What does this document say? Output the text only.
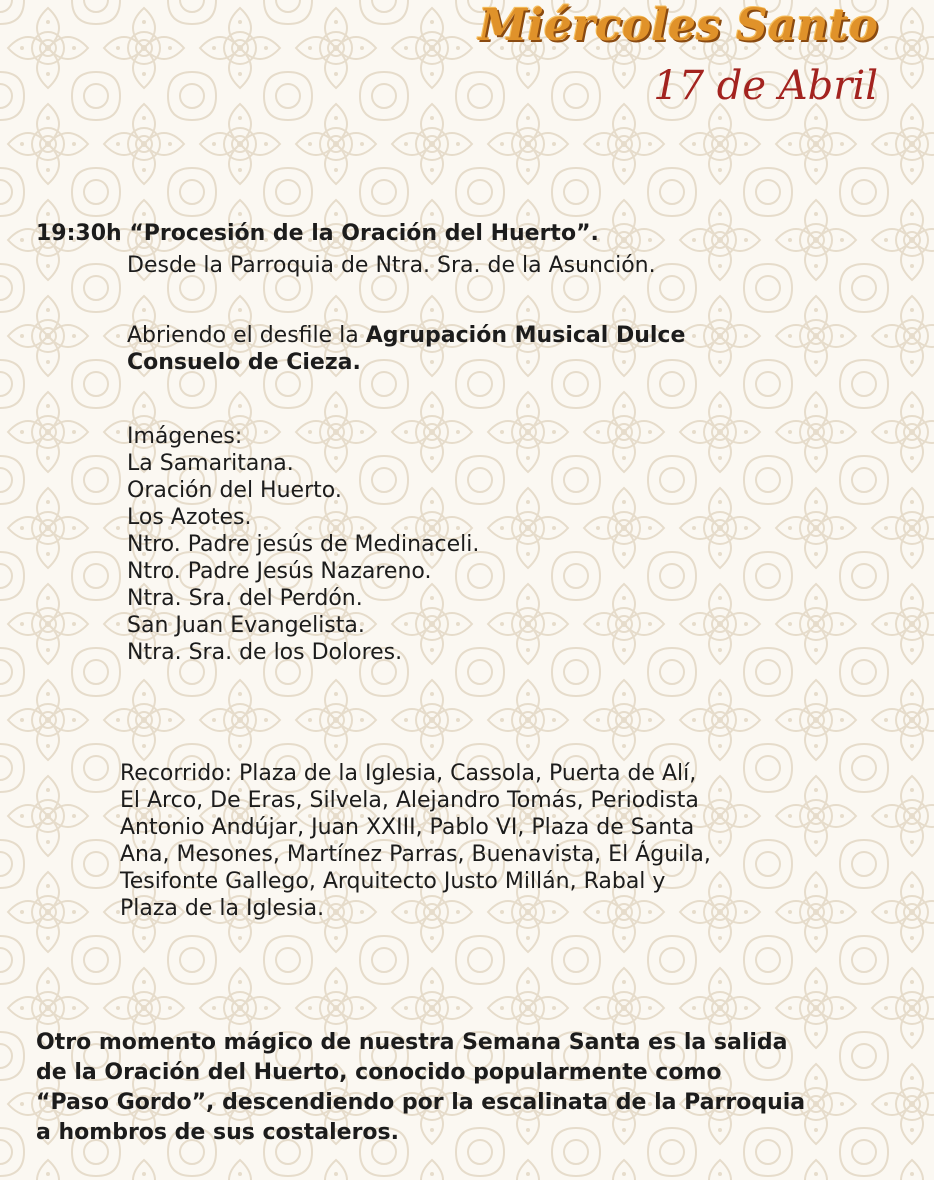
Miércoles Santo
17 de Abril
19:30h “Procesión de la Oración del Huerto”.
Desde la Parroquia de Ntra. Sra. de la Asunción.
Abriendo el desfile la Agrupación Musical Dulce
Consuelo de Cieza.
Imágenes:
La Samaritana.
Oración del Huerto.
Los Azotes.
Ntro. Padre jesús de Medinaceli.
Ntro. Padre Jesús Nazareno.
Ntra. Sra. del Perdón.
San Juan Evangelista.
Ntra. Sra. de los Dolores.
Recorrido: Plaza de la Iglesia, Cassola, Puerta de Alí,
El Arco, De Eras, Silvela, Alejandro Tomás, Periodista
Antonio Andújar, Juan XXIII, Pablo VI, Plaza de Santa
Ana, Mesones, Martínez Parras, Buenavista, El Águila,
Tesifonte Gallego, Arquitecto Justo Millán, Rabal y
Plaza de la Iglesia.
Otro momento mágico de nuestra Semana Santa es la salida
de la Oración del Huerto, conocido popularmente como
“Paso Gordo”, descendiendo por la escalinata de la Parroquia
a hombros de sus costaleros.
